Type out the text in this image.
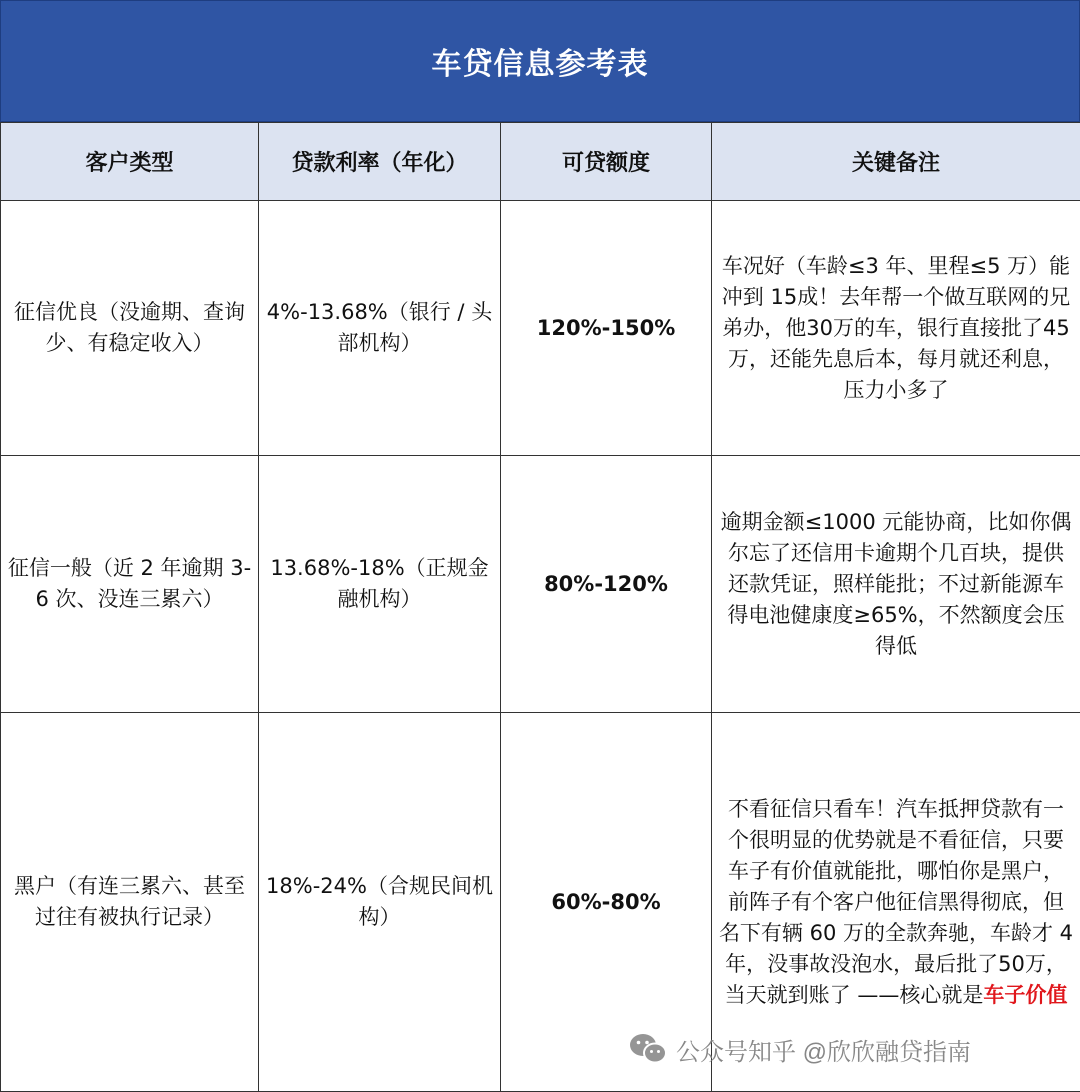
车贷信息参考表
客户类型	贷款利率（年化）	可贷额度	关键备注
征信优良（没逾期、查询少、有稳定收入）	4%-13.68%（银行 / 头部机构）	120%-150%	车况好（车龄≤3 年、里程≤5 万）能冲到 15成！去年帮一个做互联网的兄弟办，他30万的车，银行直接批了45万，还能先息后本，每月就还利息，压力小多了
征信一般（近 2 年逾期 3-6 次、没连三累六）	13.68%-18%（正规金融机构）	80%-120%	逾期金额≤1000 元能协商，比如你偶尔忘了还信用卡逾期个几百块，提供还款凭证，照样能批；不过新能源车得电池健康度≥65%，不然额度会压得低
黑户（有连三累六、甚至过往有被执行记录）	18%-24%（合规民间机构）	60%-80%	不看征信只看车！汽车抵押贷款有一个很明显的优势就是不看征信，只要车子有价值就能批，哪怕你是黑户，前阵子有个客户他征信黑得彻底，但名下有辆 60 万的全款奔驰，车龄才 4 年，没事故没泡水，最后批了50万，当天就到账了 ——核心就是车子价值
公众号知乎 @欣欣融贷指南
